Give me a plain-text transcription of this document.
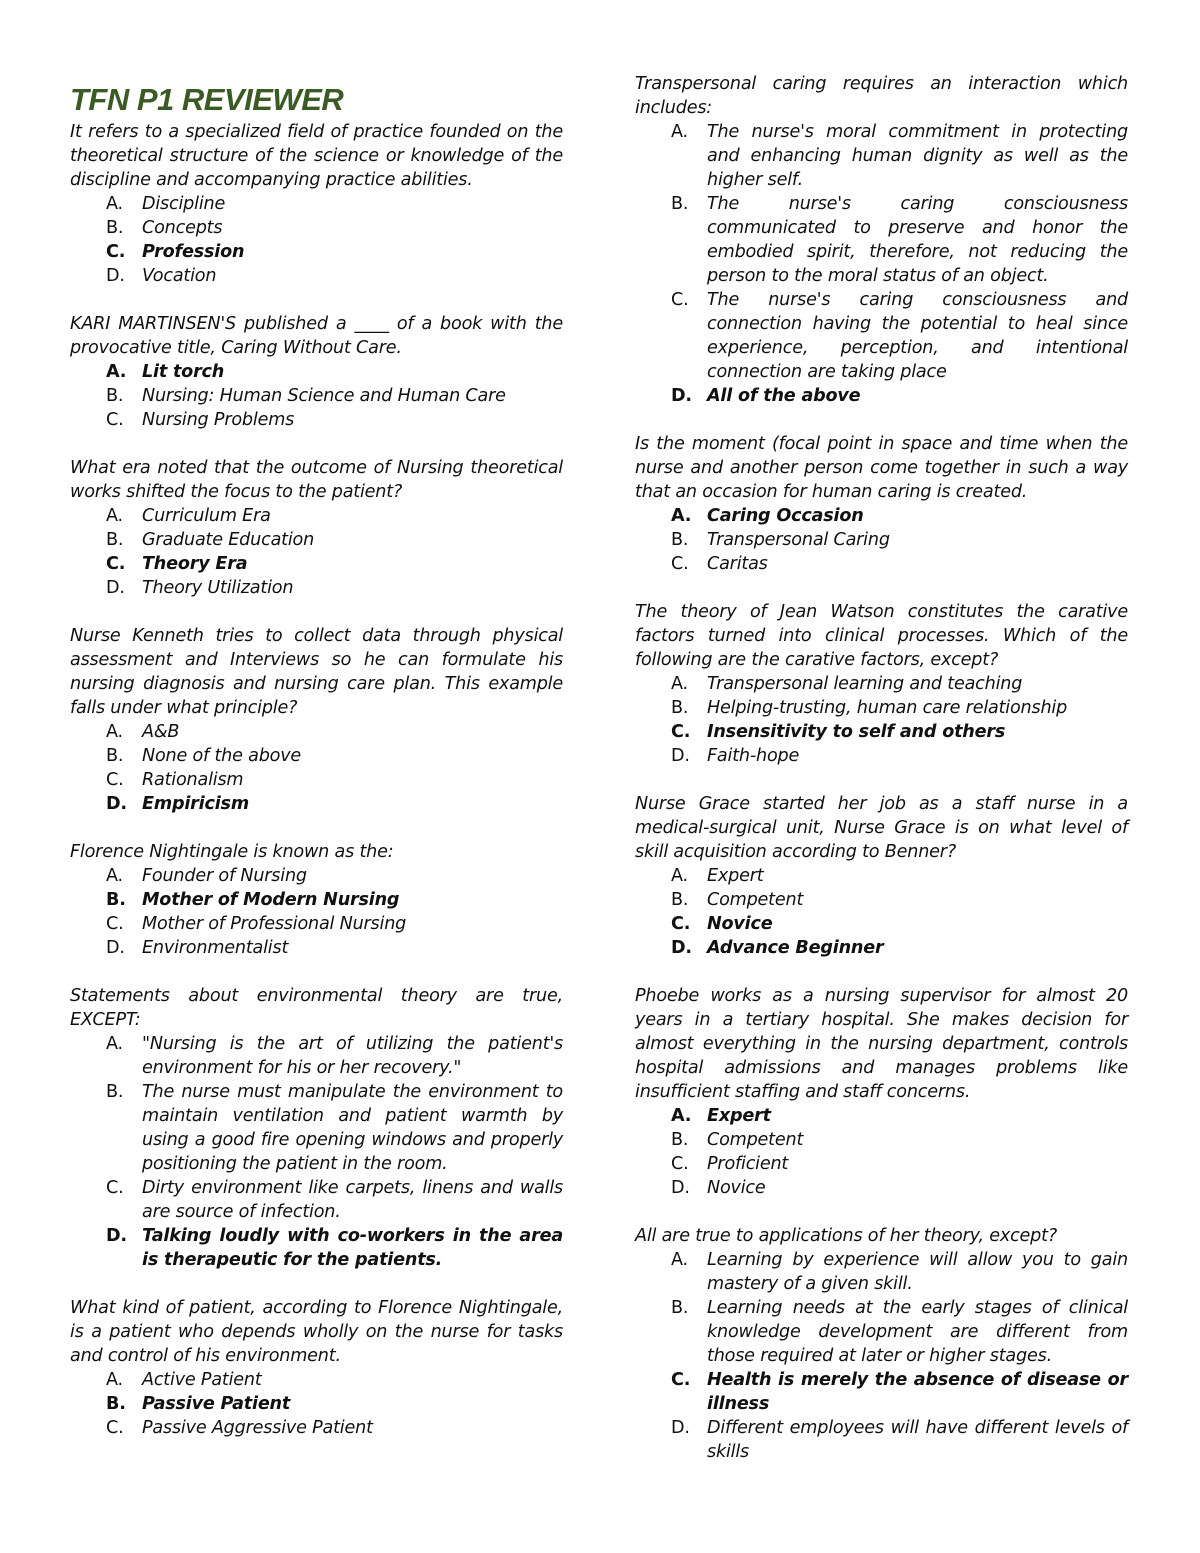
TFN P1 REVIEWER

It refers to a specialized field of practice founded on the theoretical structure of the science or knowledge of the discipline and accompanying practice abilities.

A.	Discipline
B.	Concepts
C. Profession
D. Vocation

KARI MARTINSEN'S published a ____ of a book with the provocative title, Caring Without Care.

A. Lit torch
B.	Nursing: Human Science and Human Care
C.	Nursing Problems

What era noted that the outcome of Nursing theoretical works shifted the focus to the patient?

A.	Curriculum Era
B.	Graduate Education
C. Theory Era
D. Theory Utilization

Nurse Kenneth tries to collect data through physical assessment and Interviews so he can formulate his nursing diagnosis and nursing care plan. This example falls under what principle?

A.	A&B
B.	None of the above
C.	Rationalism
D. Empiricism

Florence Nightingale is known as the:

A.	Founder of Nursing
B. Mother of Modern Nursing
C.	Mother of Professional Nursing
D. Environmentalist

Statements about environmental theory are true, EXCEPT:

A.	"Nursing is the art of utilizing the patient's environment for his or her recovery."
B.	The nurse must manipulate the environment to maintain ventilation and patient warmth by using a good fire opening windows and properly positioning the patient in the room.
C.	Dirty environment like carpets, linens and walls are source of infection.
D. Talking loudly with co-workers in the area is therapeutic for the patients.

What kind of patient, according to Florence Nightingale, is a patient who depends wholly on the nurse for tasks and control of his environment.

A.	Active Patient
B. Passive Patient
C.	Passive Aggressive Patient

Transpersonal caring requires an interaction which includes:

A.	The nurse's moral commitment in protecting and enhancing human dignity as well as the higher self.
B.	The nurse's caring consciousness communicated to preserve and honor the embodied spirit, therefore, not reducing the person to the moral status of an object.
C.	The nurse's caring consciousness and connection having the potential to heal since experience, perception, and intentional connection are taking place
D. All of the above

Is the moment (focal point in space and time when the nurse and another person come together in such a way that an occasion for human caring is created.

A. Caring Occasion
B.	Transpersonal Caring
C.	Caritas

The theory of Jean Watson constitutes the carative factors turned into clinical processes. Which of the following are the carative factors, except?

A.	Transpersonal learning and teaching
B.	Helping-trusting, human care relationship
C. Insensitivity to self and others
D. Faith-hope

Nurse Grace started her job as a staff nurse in a medical-surgical unit, Nurse Grace is on what level of skill acquisition according to Benner?

A.	Expert
B.	Competent
C. Novice
D. Advance Beginner

Phoebe works as a nursing supervisor for almost 20 years in a tertiary hospital. She makes decision for almost everything in the nursing department, controls hospital admissions and manages problems like insufficient staffing and staff concerns.

A. Expert
B.	Competent
C.	Proficient
D. Novice

All are true to applications of her theory, except?

A.	Learning by experience will allow you to gain mastery of a given skill.
B.	Learning needs at the early stages of clinical knowledge development are different from those required at later or higher stages.
C. Health is merely the absence of disease or illness
D. Different employees will have different levels of skills
